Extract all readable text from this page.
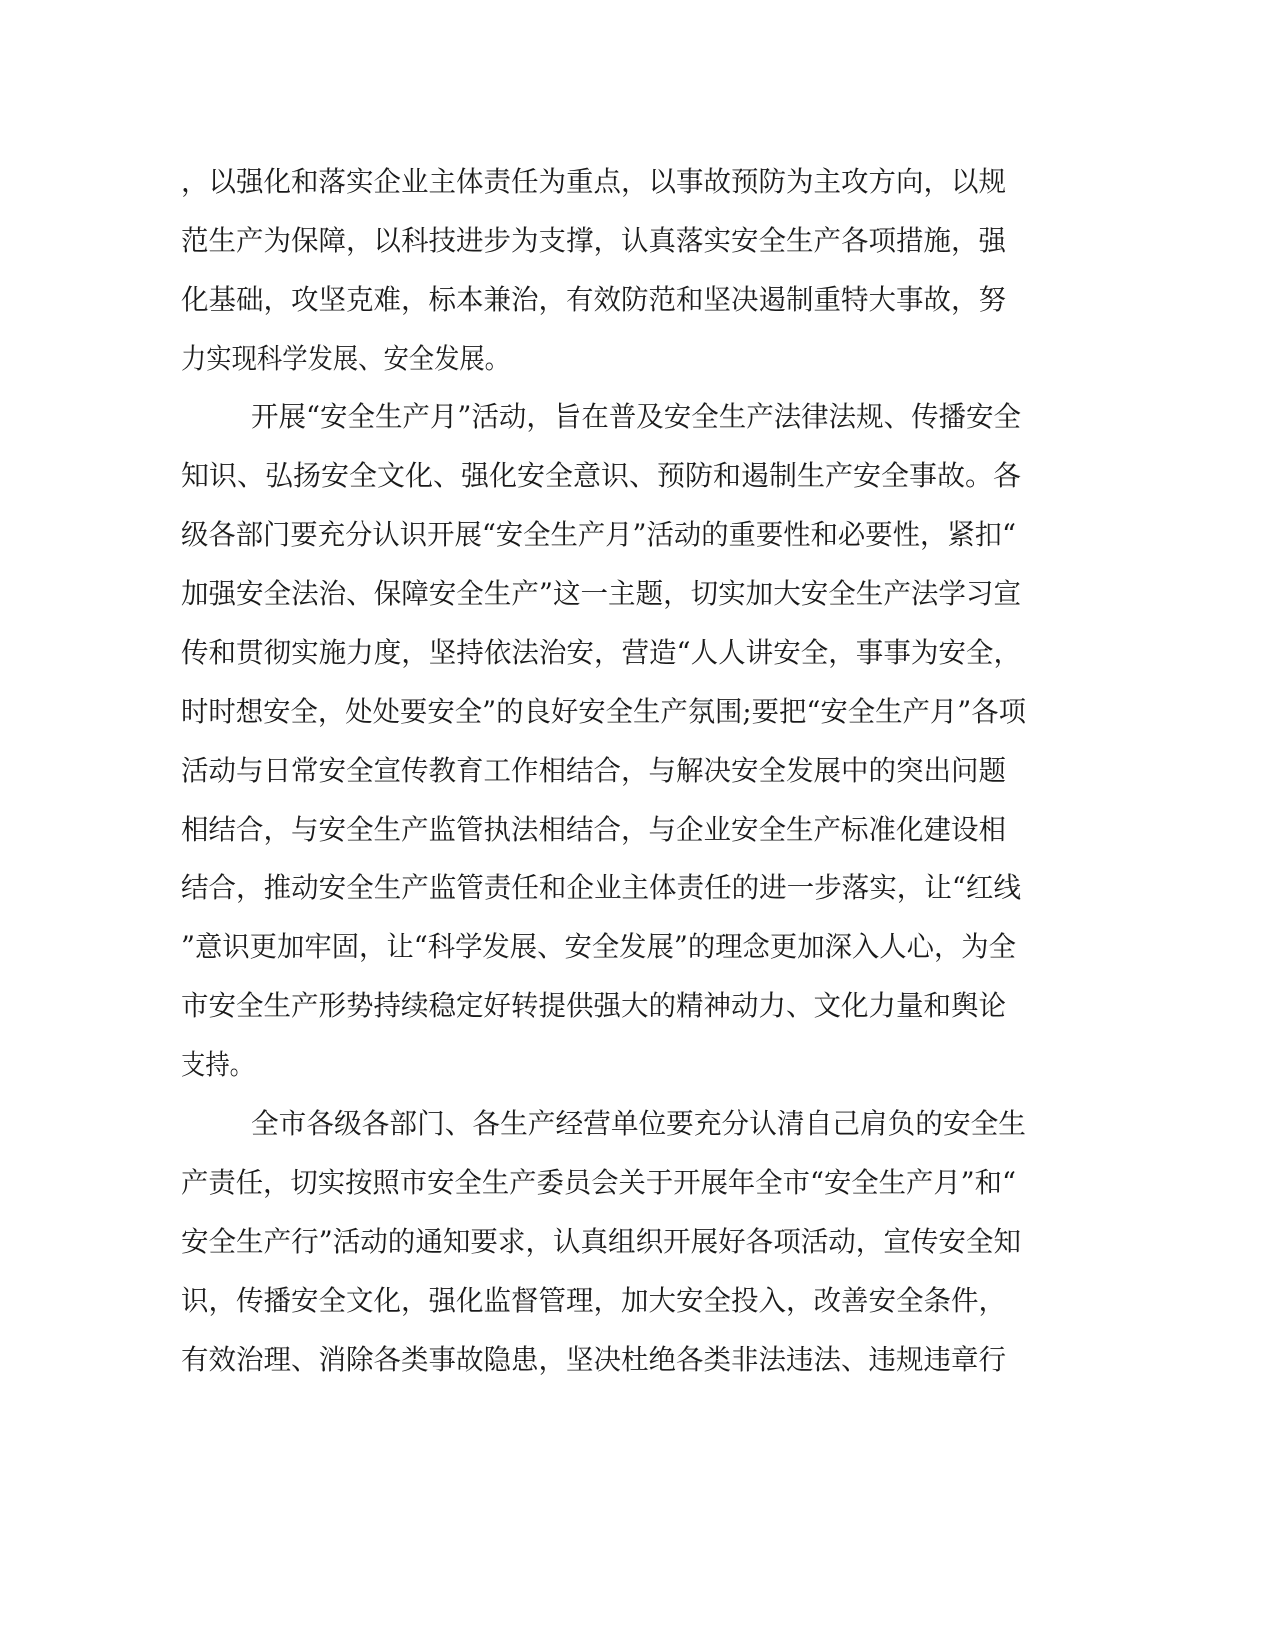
，以强化和落实企业主体责任为重点，以事故预防为主攻方向，以规
范生产为保障，以科技进步为支撑，认真落实安全生产各项措施，强
化基础，攻坚克难，标本兼治，有效防范和坚决遏制重特大事故，努
力实现科学发展、安全发展。
开展“安全生产月”活动，旨在普及安全生产法律法规、传播安全
知识、弘扬安全文化、强化安全意识、预防和遏制生产安全事故。各
级各部门要充分认识开展“安全生产月”活动的重要性和必要性，紧扣“
加强安全法治、保障安全生产”这一主题，切实加大安全生产法学习宣
传和贯彻实施力度，坚持依法治安，营造“人人讲安全，事事为安全，
时时想安全，处处要安全”的良好安全生产氛围;要把“安全生产月”各项
活动与日常安全宣传教育工作相结合，与解决安全发展中的突出问题
相结合，与安全生产监管执法相结合，与企业安全生产标准化建设相
结合，推动安全生产监管责任和企业主体责任的进一步落实，让“红线
”意识更加牢固，让“科学发展、安全发展”的理念更加深入人心，为全
市安全生产形势持续稳定好转提供强大的精神动力、文化力量和舆论
支持。
全市各级各部门、各生产经营单位要充分认清自己肩负的安全生
产责任，切实按照市安全生产委员会关于开展年全市“安全生产月”和“
安全生产行”活动的通知要求，认真组织开展好各项活动，宣传安全知
识，传播安全文化，强化监督管理，加大安全投入，改善安全条件，
有效治理、消除各类事故隐患，坚决杜绝各类非法违法、违规违章行
